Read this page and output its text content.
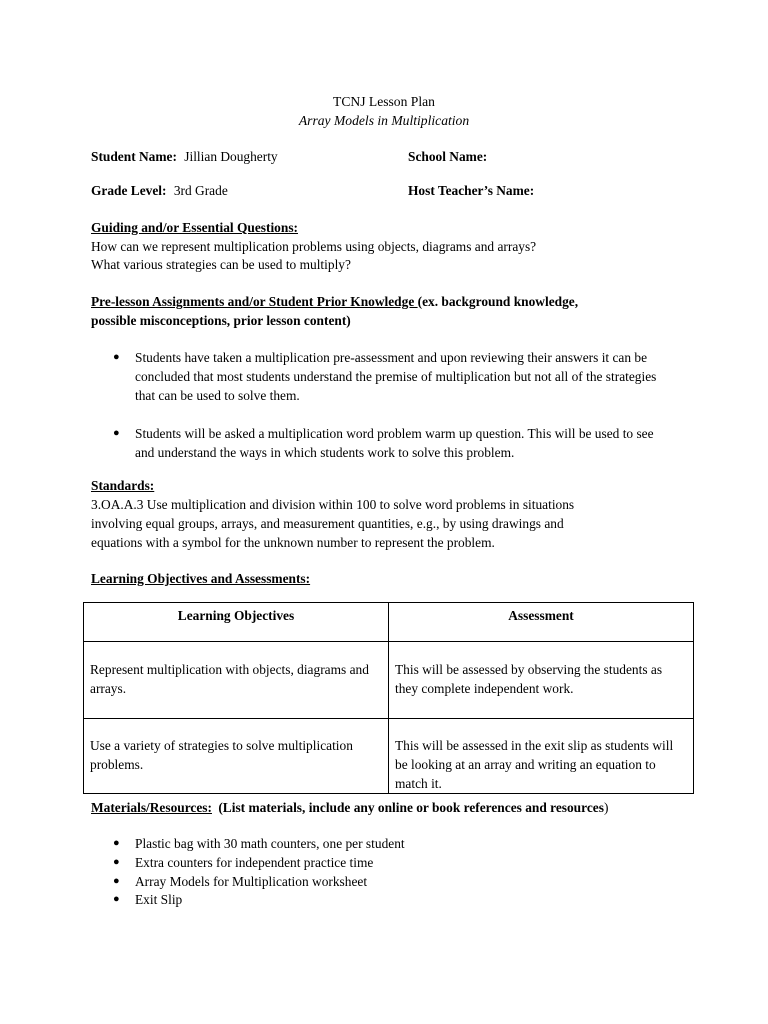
TCNJ Lesson Plan
Array Models in Multiplication
Student Name: Jillian Dougherty	School Name:
Grade Level: 3rd Grade	Host Teacher’s Name:
Guiding and/or Essential Questions:
How can we represent multiplication problems using objects, diagrams and arrays?
What various strategies can be used to multiply?
Pre-lesson Assignments and/or Student Prior Knowledge (ex. background knowledge,
possible misconceptions, prior lesson content)
● Students have taken a multiplication pre-assessment and upon reviewing their answers it can be concluded that most students understand the premise of multiplication but not all of the strategies that can be used to solve them.
● Students will be asked a multiplication word problem warm up question. This will be used to see and understand the ways in which students work to solve this problem.
Standards:
3.OA.A.3 Use multiplication and division within 100 to solve word problems in situations
involving equal groups, arrays, and measurement quantities, e.g., by using drawings and
equations with a symbol for the unknown number to represent the problem.
Learning Objectives and Assessments:
Learning Objectives	Assessment
Represent multiplication with objects, diagrams and arrays.	This will be assessed by observing the students as they complete independent work.
Use a variety of strategies to solve multiplication problems.	This will be assessed in the exit slip as students will be looking at an array and writing an equation to match it.
Materials/Resources: (List materials, include any online or book references and resources)
● Plastic bag with 30 math counters, one per student
● Extra counters for independent practice time
● Array Models for Multiplication worksheet
● Exit Slip
